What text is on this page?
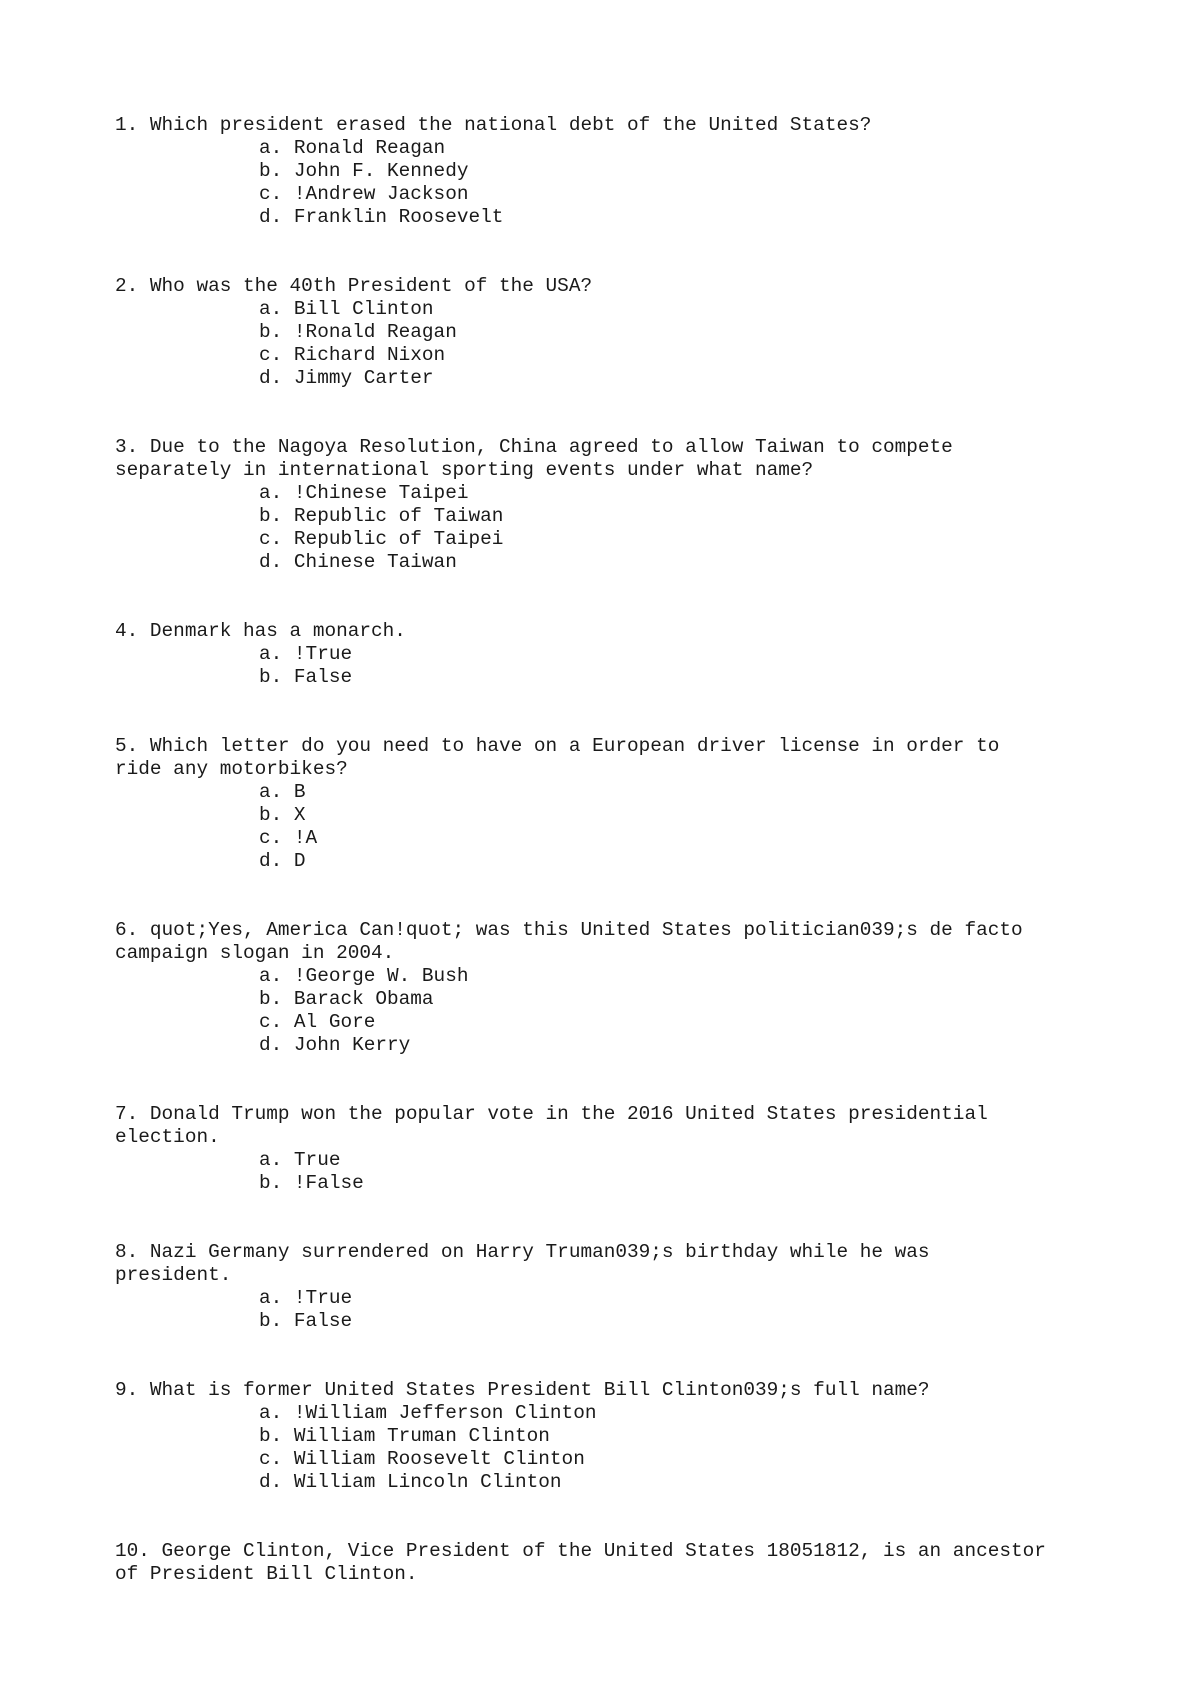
1. Which president erased the national debt of the United States?
a. Ronald Reagan
b. John F. Kennedy
c. !Andrew Jackson
d. Franklin Roosevelt
2. Who was the 40th President of the USA?
a. Bill Clinton
b. !Ronald Reagan
c. Richard Nixon
d. Jimmy Carter
3. Due to the Nagoya Resolution, China agreed to allow Taiwan to compete
separately in international sporting events under what name?
a. !Chinese Taipei
b. Republic of Taiwan
c. Republic of Taipei
d. Chinese Taiwan
4. Denmark has a monarch.
a. !True
b. False
5. Which letter do you need to have on a European driver license in order to
ride any motorbikes?
a. B
b. X
c. !A
d. D
6. quot;Yes, America Can!quot; was this United States politician039;s de facto
campaign slogan in 2004.
a. !George W. Bush
b. Barack Obama
c. Al Gore
d. John Kerry
7. Donald Trump won the popular vote in the 2016 United States presidential
election.
a. True
b. !False
8. Nazi Germany surrendered on Harry Truman039;s birthday while he was
president.
a. !True
b. False
9. What is former United States President Bill Clinton039;s full name?
a. !William Jefferson Clinton
b. William Truman Clinton
c. William Roosevelt Clinton
d. William Lincoln Clinton
10. George Clinton, Vice President of the United States 18051812, is an ancestor
of President Bill Clinton.
